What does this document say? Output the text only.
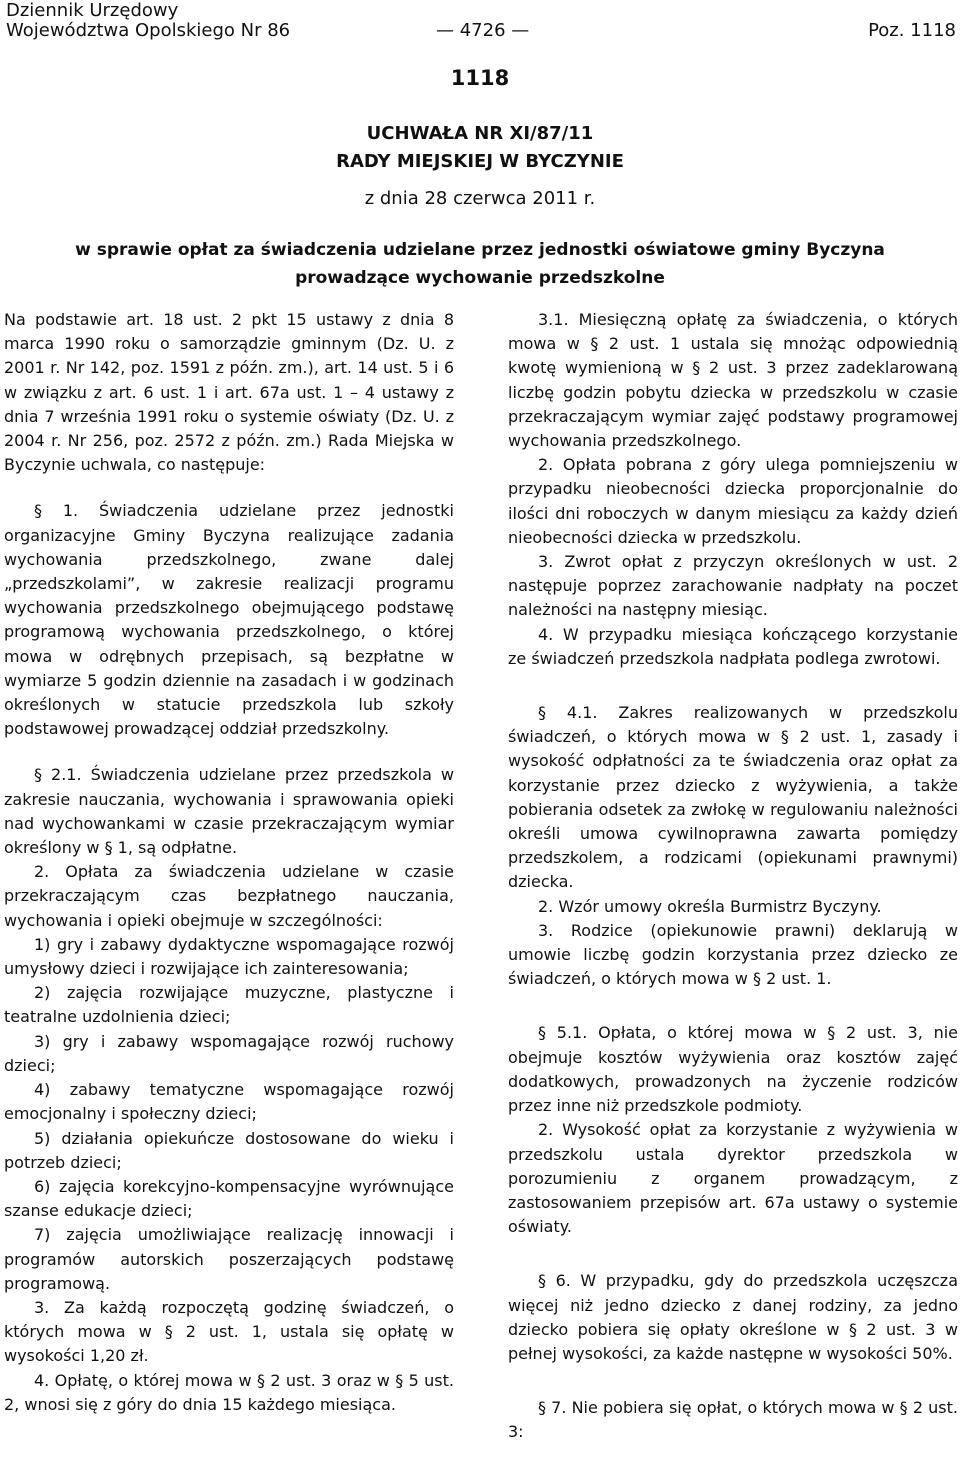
Dziennik Urzędowy
Województwa Opolskiego Nr 86	— 4726 —	Poz. 1118
1118
UCHWAŁA NR XI/87/11
RADY MIEJSKIEJ W BYCZYNIE
z dnia 28 czerwca 2011 r.
w sprawie opłat za świadczenia udzielane przez jednostki oświatowe gminy Byczyna
prowadzące wychowanie przedszkolne

Na podstawie art. 18 ust. 2 pkt 15 ustawy z dnia 8 marca 1990 roku o samorządzie gminnym (Dz. U. z 2001 r. Nr 142, poz. 1591 z późn. zm.), art. 14 ust. 5 i 6 w związku z art. 6 ust. 1 i art. 67a ust. 1 – 4 ustawy z dnia 7 września 1991 roku o systemie oświaty (Dz. U. z 2004 r. Nr 256, poz. 2572 z późn. zm.) Rada Miejska w Byczynie uchwala, co następuje:

§ 1. Świadczenia udzielane przez jednostki organizacyjne Gminy Byczyna realizujące zadania wychowania przedszkolnego, zwane dalej „przedszkolami”, w zakresie realizacji programu wychowania przedszkolnego obejmującego podstawę programową wychowania przedszkolnego, o której mowa w odrębnych przepisach, są bezpłatne w wymiarze 5 godzin dziennie na zasadach i w godzinach określonych w statucie przedszkola lub szkoły podstawowej prowadzącej oddział przedszkolny.

§ 2.1. Świadczenia udzielane przez przedszkola w zakresie nauczania, wychowania i sprawowania opieki nad wychowankami w czasie przekraczającym wymiar określony w § 1, są odpłatne.

2. Opłata za świadczenia udzielane w czasie przekraczającym czas bezpłatnego nauczania, wychowania i opieki obejmuje w szczególności:

1) gry i zabawy dydaktyczne wspomagające rozwój umysłowy dzieci i rozwijające ich zainteresowania;

2) zajęcia rozwijające muzyczne, plastyczne i teatralne uzdolnienia dzieci;

3) gry i zabawy wspomagające rozwój ruchowy dzieci;

4) zabawy tematyczne wspomagające rozwój emocjonalny i społeczny dzieci;

5) działania opiekuńcze dostosowane do wieku i potrzeb dzieci;

6) zajęcia korekcyjno-kompensacyjne wyrównujące szanse edukacje dzieci;

7) zajęcia umożliwiające realizację innowacji i programów autorskich poszerzających podstawę programową.

3. Za każdą rozpoczętą godzinę świadczeń, o których mowa w § 2 ust. 1, ustala się opłatę w wysokości 1,20 zł.

4. Opłatę, o której mowa w § 2 ust. 3 oraz w § 5 ust. 2, wnosi się z góry do dnia 15 każdego miesiąca.

3.1. Miesięczną opłatę za świadczenia, o których mowa w § 2 ust. 1 ustala się mnożąc odpowiednią kwotę wymienioną w § 2 ust. 3 przez zadeklarowaną liczbę godzin pobytu dziecka w przedszkolu w czasie przekraczającym wymiar zajęć podstawy programowej wychowania przedszkolnego.

2. Opłata pobrana z góry ulega pomniejszeniu w przypadku nieobecności dziecka proporcjonalnie do ilości dni roboczych w danym miesiącu za każdy dzień nieobecności dziecka w przedszkolu.

3. Zwrot opłat z przyczyn określonych w ust. 2 następuje poprzez zarachowanie nadpłaty na poczet należności na następny miesiąc.

4. W przypadku miesiąca kończącego korzystanie ze świadczeń przedszkola nadpłata podlega zwrotowi.

§ 4.1. Zakres realizowanych w przedszkolu świadczeń, o których mowa w § 2 ust. 1, zasady i wysokość odpłatności za te świadczenia oraz opłat za korzystanie przez dziecko z wyżywienia, a także pobierania odsetek za zwłokę w regulowaniu należności określi umowa cywilnoprawna zawarta pomiędzy przedszkolem, a rodzicami (opiekunami prawnymi) dziecka.

2. Wzór umowy określa Burmistrz Byczyny.

3. Rodzice (opiekunowie prawni) deklarują w umowie liczbę godzin korzystania przez dziecko ze świadczeń, o których mowa w § 2 ust. 1.

§ 5.1. Opłata, o której mowa w § 2 ust. 3, nie obejmuje kosztów wyżywienia oraz kosztów zajęć dodatkowych, prowadzonych na życzenie rodziców przez inne niż przedszkole podmioty.

2. Wysokość opłat za korzystanie z wyżywienia w przedszkolu ustala dyrektor przedszkola w porozumieniu z organem prowadzącym, z zastosowaniem przepisów art. 67a ustawy o systemie oświaty.

§ 6. W przypadku, gdy do przedszkola uczęszcza więcej niż jedno dziecko z danej rodziny, za jedno dziecko pobiera się opłaty określone w § 2 ust. 3 w pełnej wysokości, za każde następne w wysokości 50%.

§ 7. Nie pobiera się opłat, o których mowa w § 2 ust. 3:
